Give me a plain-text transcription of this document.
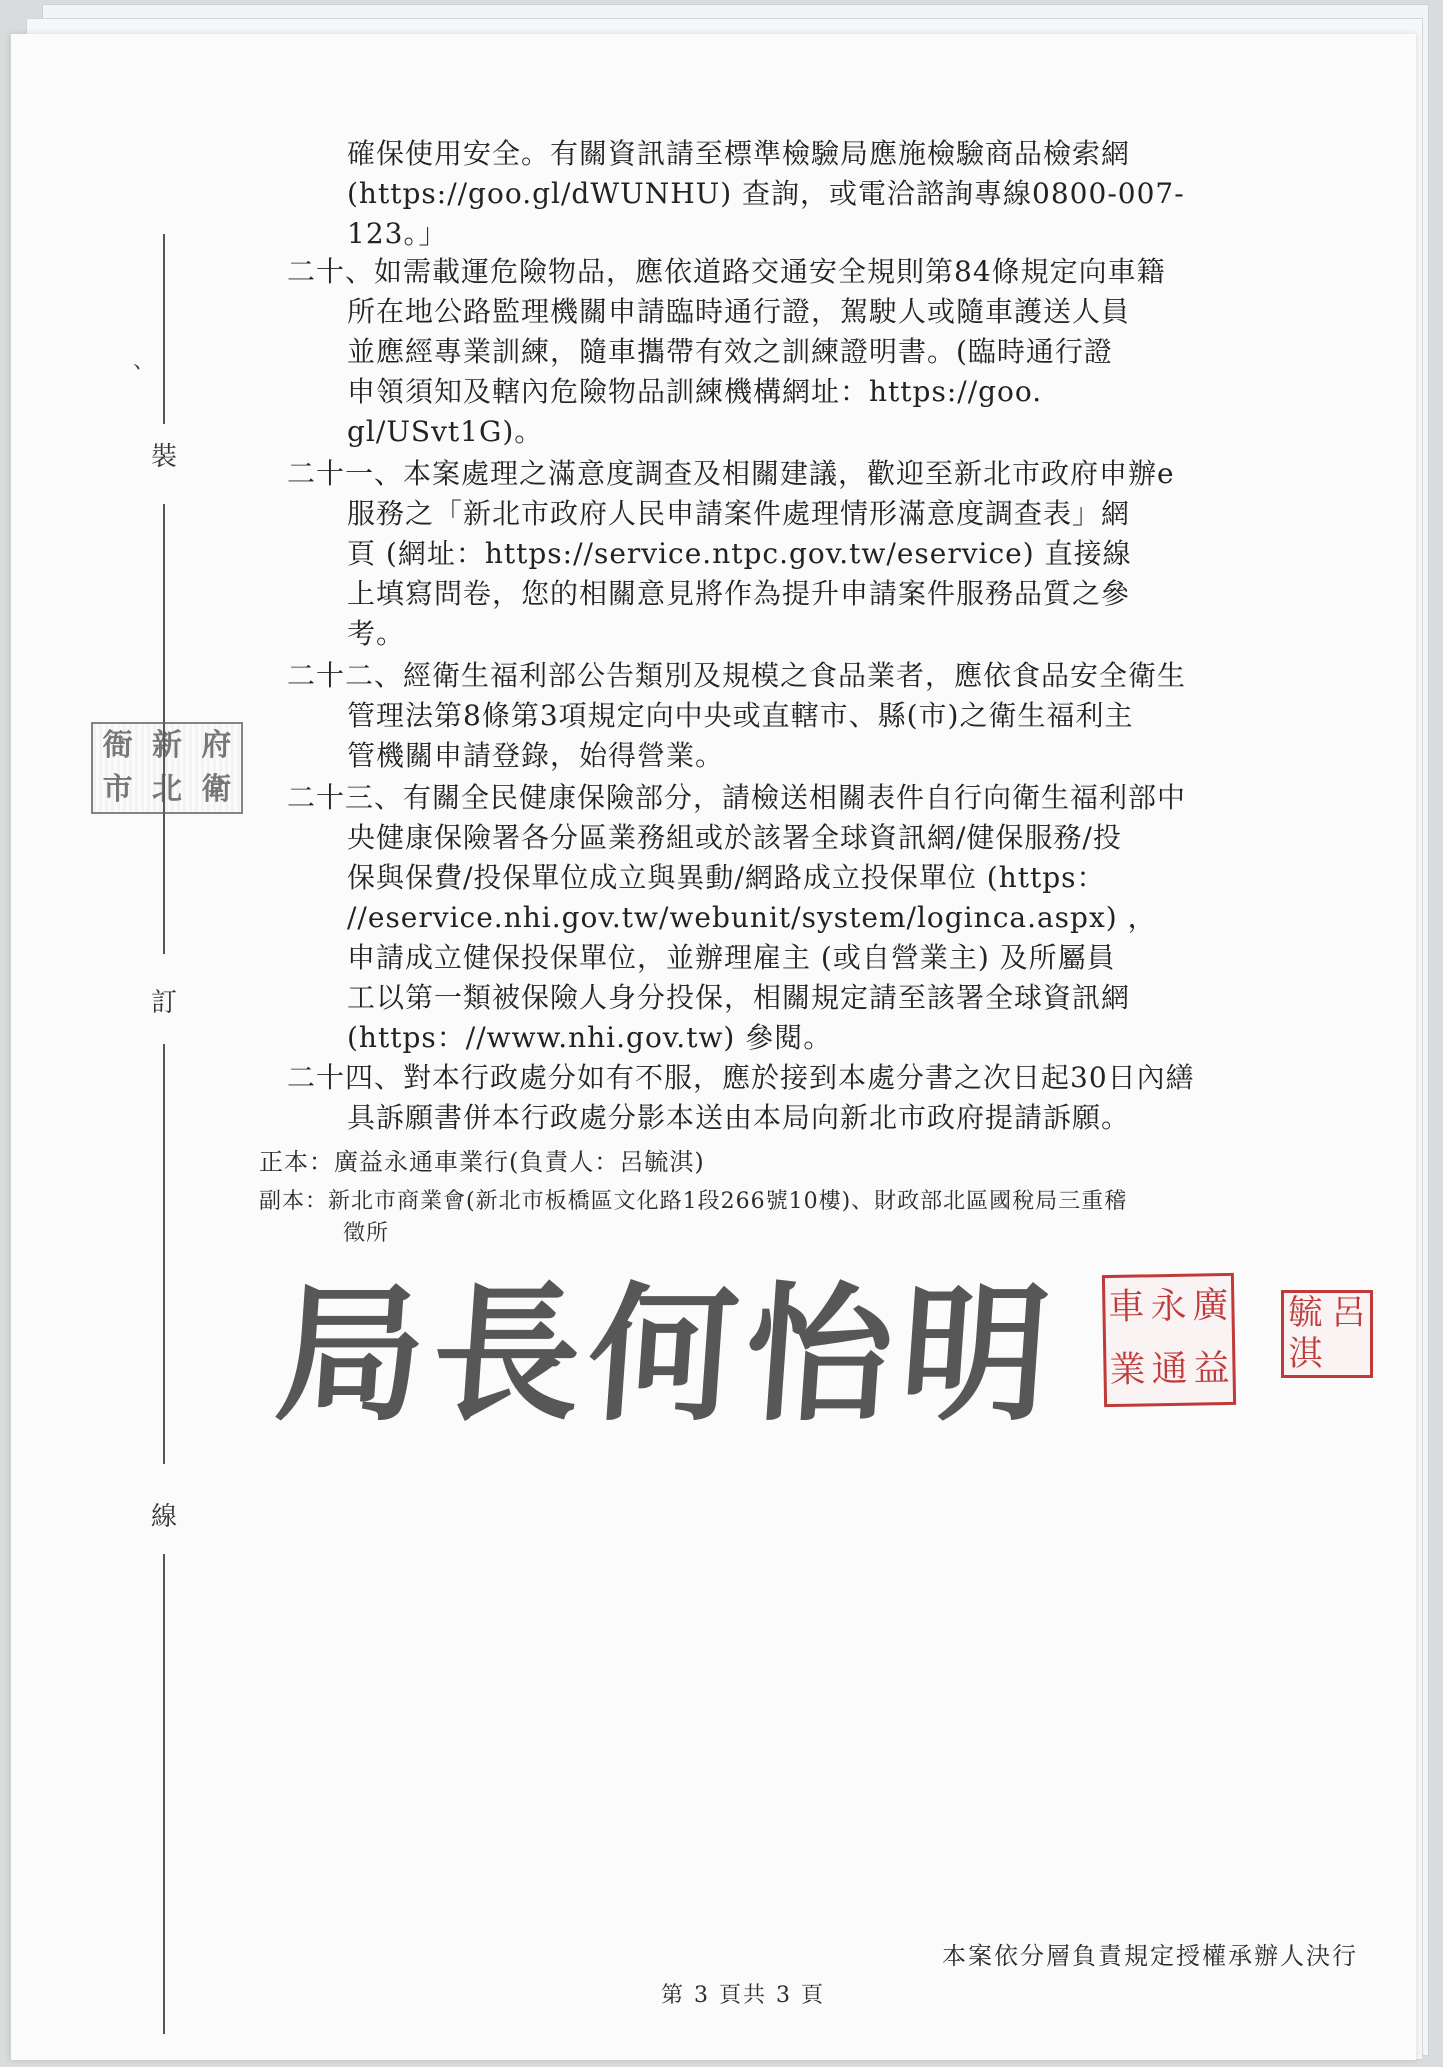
、
裝
訂
線
衙 新 府
市 北 衛
確保使用安全。有關資訊請至標準檢驗局應施檢驗商品檢索網
(https://goo.gl/dWUNHU) 查詢，或電洽諮詢專線0800-007-
123。」
二十、如需載運危險物品，應依道路交通安全規則第84條規定向車籍
所在地公路監理機關申請臨時通行證，駕駛人或隨車護送人員
並應經專業訓練，隨車攜帶有效之訓練證明書。(臨時通行證
申領須知及轄內危險物品訓練機構網址：https://goo.
gl/USvt1G)。
二十一、本案處理之滿意度調查及相關建議，歡迎至新北市政府申辦e
服務之「新北市政府人民申請案件處理情形滿意度調查表」網
頁 (網址：https://service.ntpc.gov.tw/eservice) 直接線
上填寫問卷，您的相關意見將作為提升申請案件服務品質之參
考。
二十二、經衛生福利部公告類別及規模之食品業者，應依食品安全衛生
管理法第8條第3項規定向中央或直轄市、縣(市)之衛生福利主
管機關申請登錄，始得營業。
二十三、有關全民健康保險部分，請檢送相關表件自行向衛生福利部中
央健康保險署各分區業務組或於該署全球資訊網/健保服務/投
保與保費/投保單位成立與異動/網路成立投保單位 (https：
//eservice.nhi.gov.tw/webunit/system/loginca.aspx) ，
申請成立健保投保單位，並辦理雇主 (或自營業主) 及所屬員
工以第一類被保險人身分投保，相關規定請至該署全球資訊網
(https：//www.nhi.gov.tw) 參閱。
二十四、對本行政處分如有不服，應於接到本處分書之次日起30日內繕
具訴願書併本行政處分影本送由本局向新北市政府提請訴願。
正本：廣益永通車業行(負責人：呂毓淇)
副本：新北市商業會(新北市板橋區文化路1段266號10樓)、財政部北區國稅局三重稽
徵所
局長何怡明 車 永 廣
業 通 益
毓 呂
淇
本案依分層負責規定授權承辦人決行
第 3 頁共 3 頁
